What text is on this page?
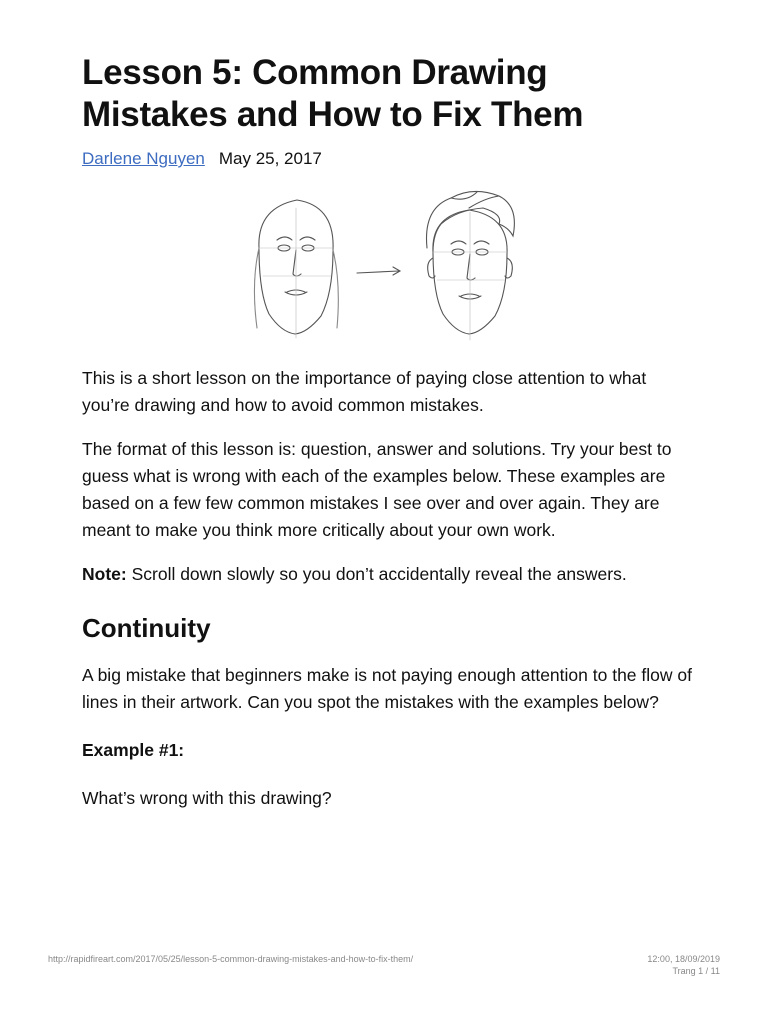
Lesson 5: Common Drawing Mistakes and How to Fix Them
Darlene Nguyen May 25, 2017

This is a short lesson on the importance of paying close attention to what you’re drawing and how to avoid common mistakes.

The format of this lesson is: question, answer and solutions. Try your best to guess what is wrong with each of the examples below. These examples are based on a few few common mistakes I see over and over again. They are meant to make you think more critically about your own work.

Note: Scroll down slowly so you don’t accidentally reveal the answers.

Continuity

A big mistake that beginners make is not paying enough attention to the flow of lines in their artwork. Can you spot the mistakes with the examples below?

Example #1:

What’s wrong with this drawing?

http://rapidfireart.com/2017/05/25/lesson-5-common-drawing-mistakes-and-how-to-fix-them/	12:00, 18/09/2019
Trang 1 / 11
